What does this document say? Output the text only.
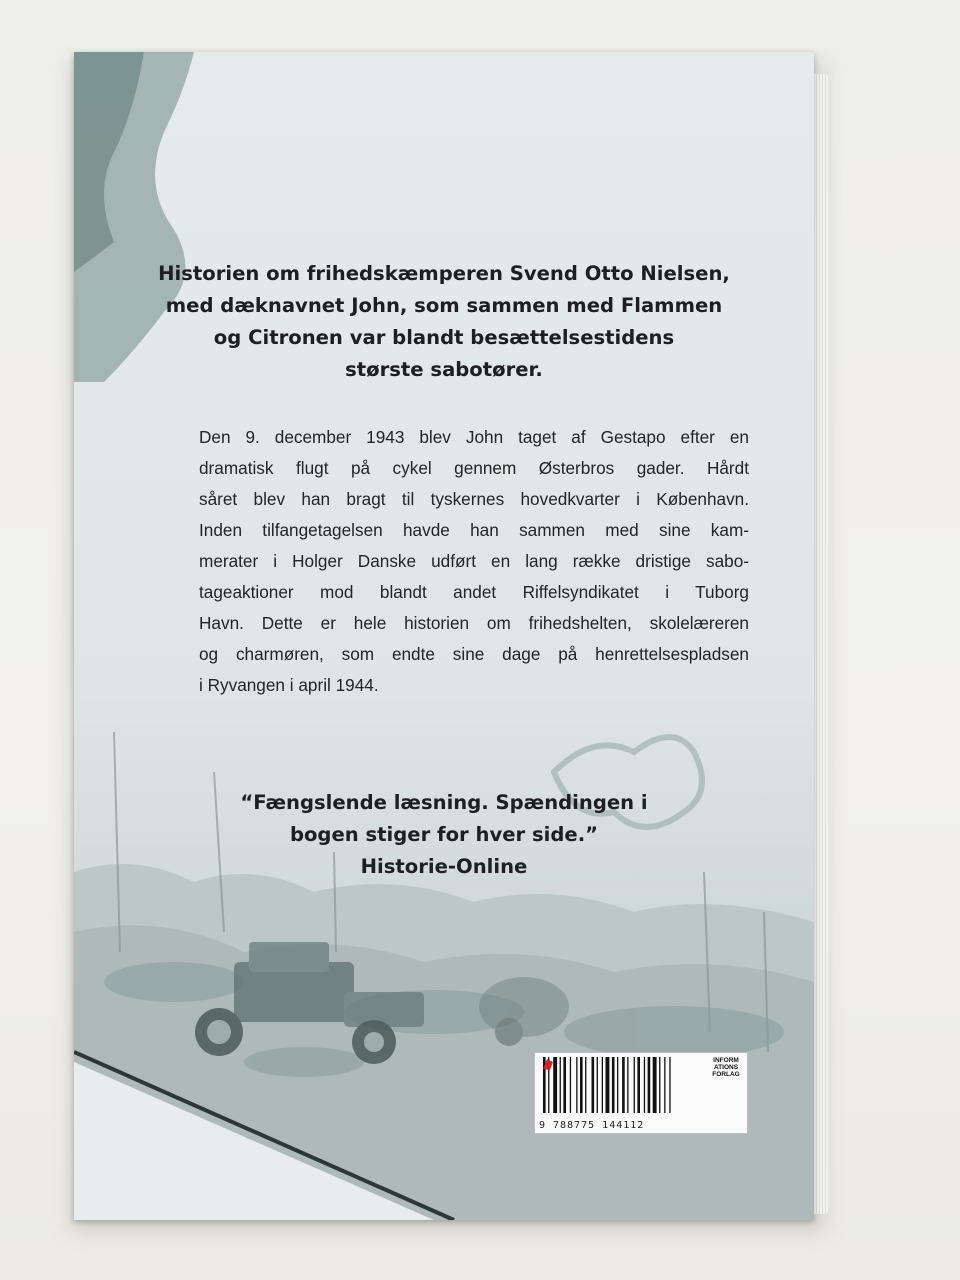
Historien om frihedskæmperen Svend Otto Nielsen,
med dæknavnet John, som sammen med Flammen
og Citronen var blandt besættelsestidens
største sabotører.
Den 9. december 1943 blev John taget af Gestapo efter en
dramatisk flugt på cykel gennem Østerbros gader. Hårdt
såret blev han bragt til tyskernes hovedkvarter i København.
Inden tilfangetagelsen havde han sammen med sine kam-
merater i Holger Danske udført en lang række dristige sabo-
tageaktioner mod blandt andet Riffelsyndikatet i Tuborg
Havn. Dette er hele historien om frihedshelten, skolelæreren
og charmøren, som endte sine dage på henrettelsespladsen
i Ryvangen i april 1944.
“Fængslende læsning. Spændingen i
bogen stiger for hver side.”
Historie-Online
9 788775 144112
INFORM
ATIONS
FORLAG
